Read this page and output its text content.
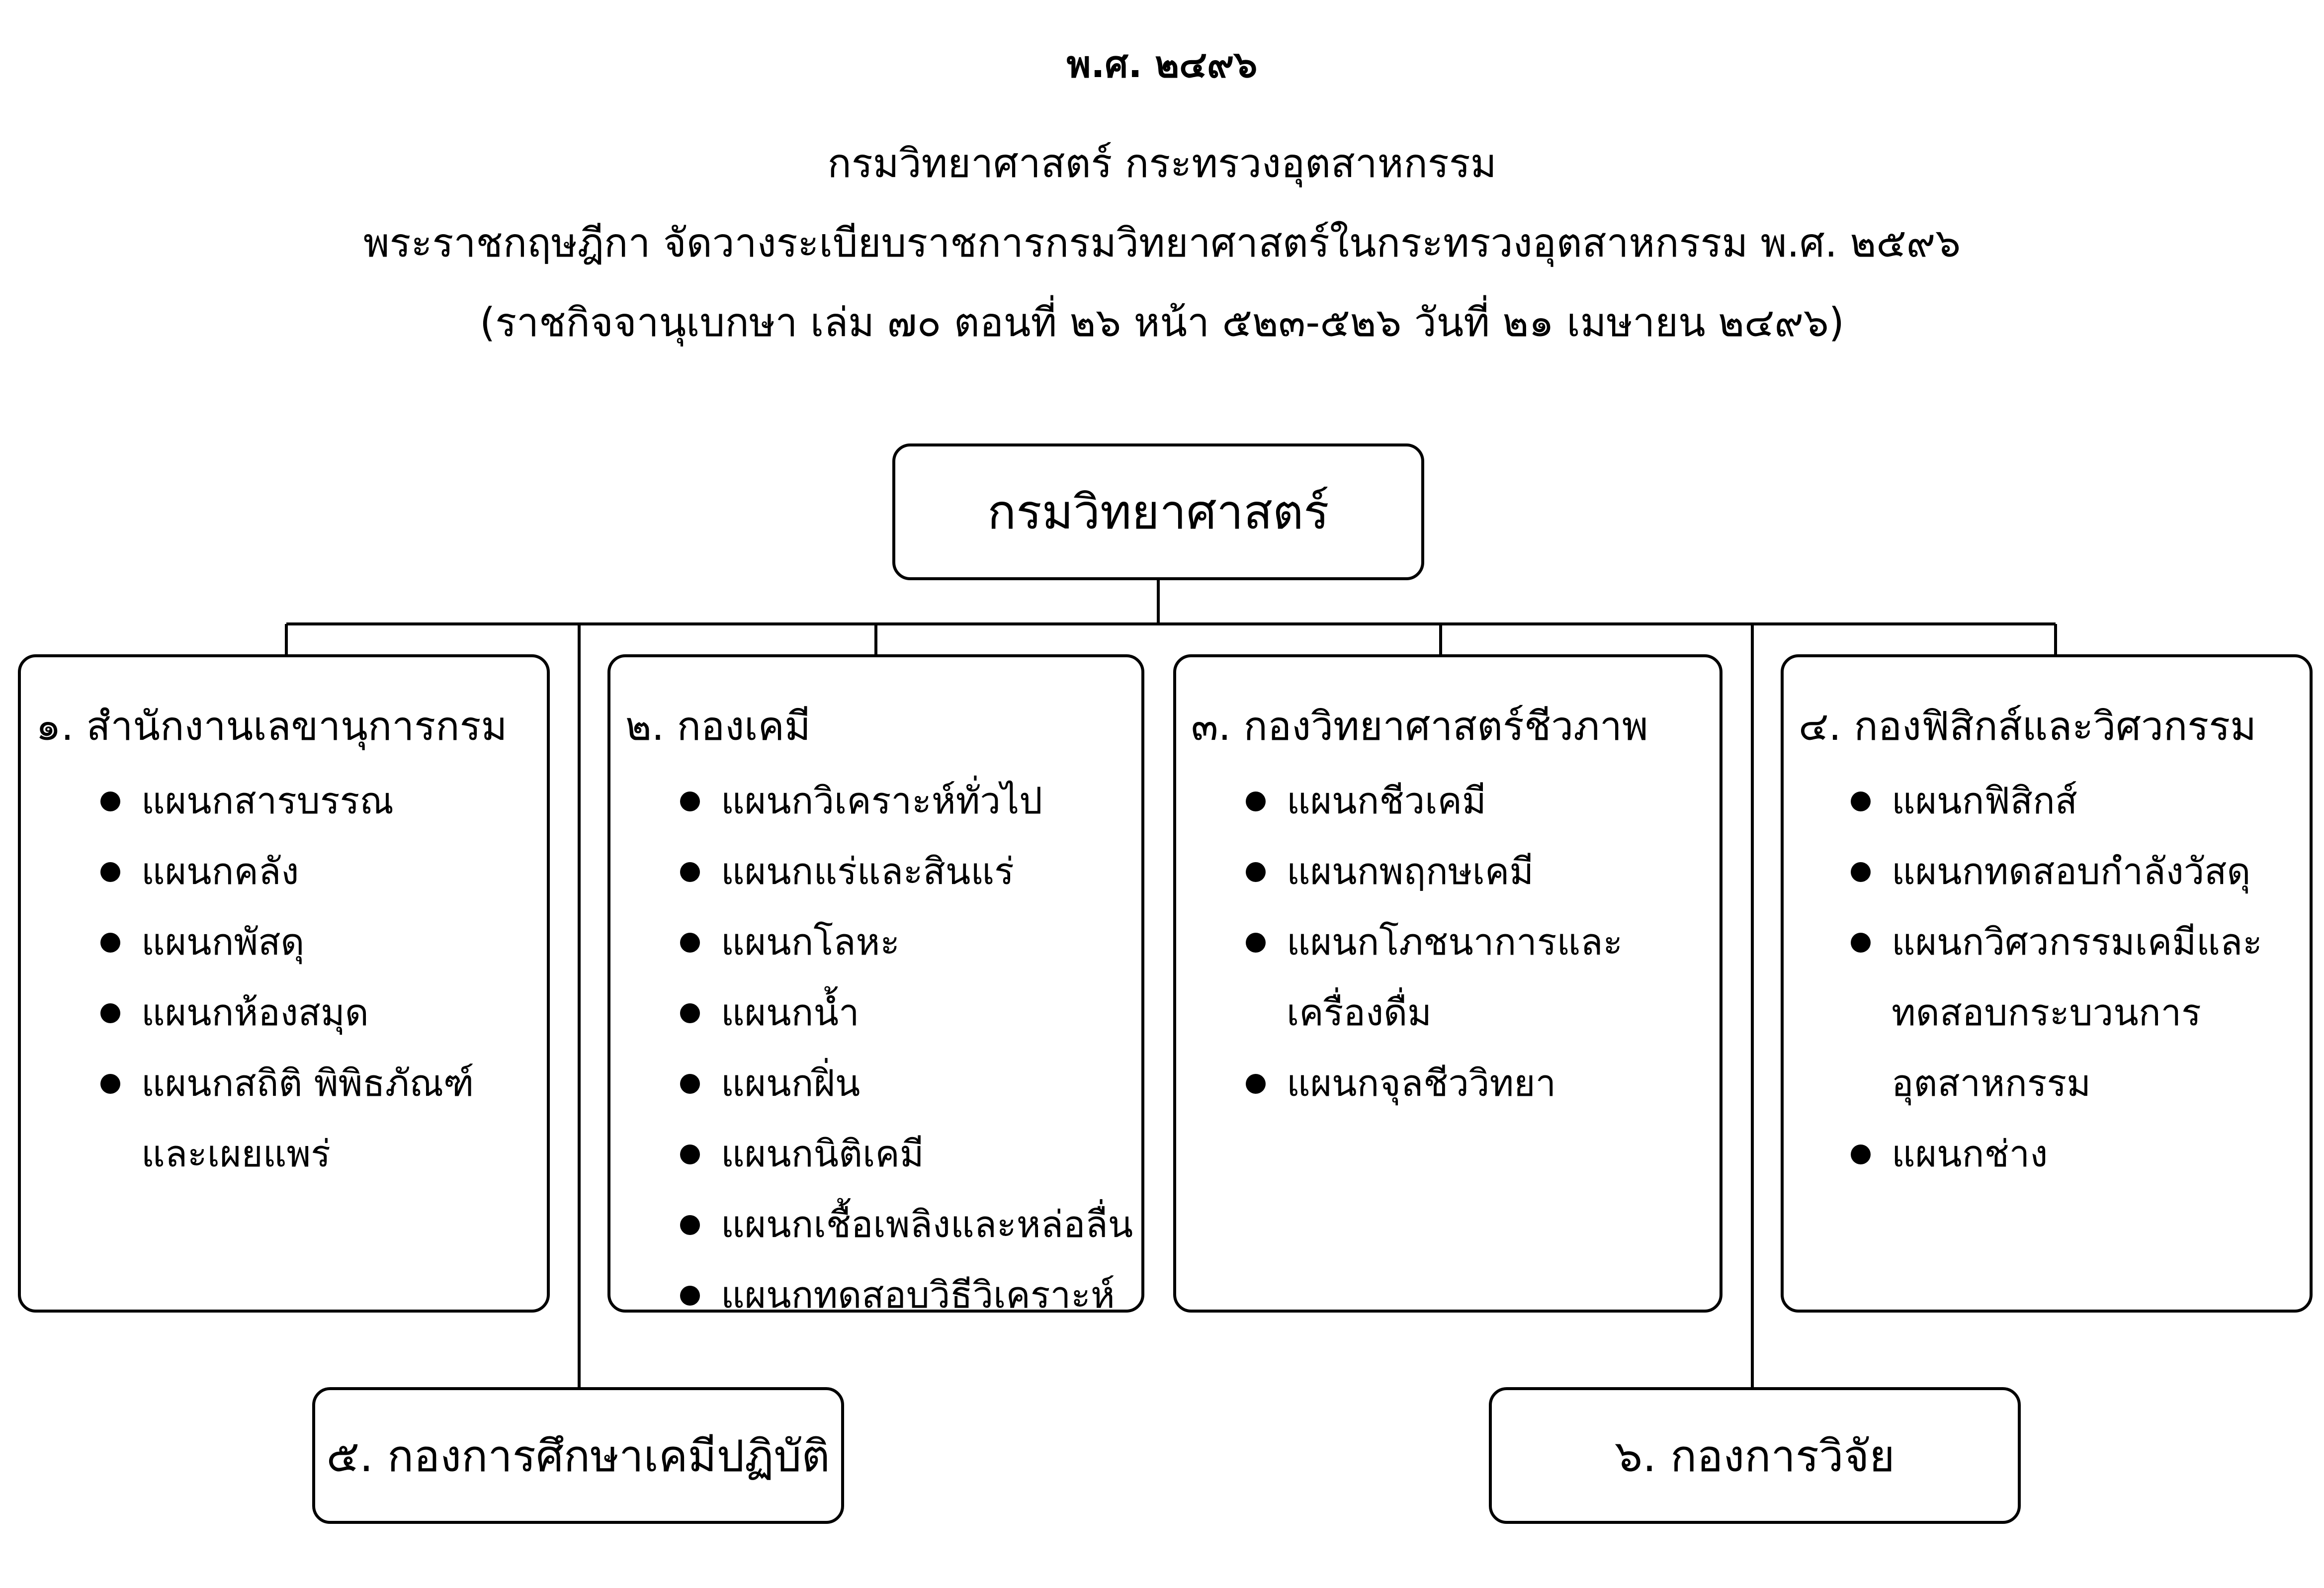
พ.ศ. ๒๔๙๖
กรมวิทยาศาสตร์ กระทรวงอุตสาหกรรม
พระราชกฤษฎีกา จัดวางระเบียบราชการกรมวิทยาศาสตร์ในกระทรวงอุตสาหกรรม พ.ศ. ๒๕๙๖
(ราชกิจจานุเบกษา เล่ม ๗๐ ตอนที่ ๒๖ หน้า ๕๒๓-๕๒๖ วันที่ ๒๑ เมษายน ๒๔๙๖)
กรมวิทยาศาสตร์
๑. สำนักงานเลขานุการกรม
แผนกสารบรรณ
แผนกคลัง
แผนกพัสดุ
แผนกห้องสมุด
แผนกสถิติ พิพิธภัณฑ์
และเผยแพร่
๒. กองเคมี
แผนกวิเคราะห์ทั่วไป
แผนกแร่และสินแร่
แผนกโลหะ
แผนกน้ำ
แผนกฝิ่น
แผนกนิติเคมี
แผนกเชื้อเพลิงและหล่อลื่น
แผนกทดสอบวิธีวิเคราะห์
๓. กองวิทยาศาสตร์ชีวภาพ
แผนกชีวเคมี
แผนกพฤกษเคมี
แผนกโภชนาการและ
เครื่องดื่ม
แผนกจุลชีววิทยา
๔. กองฟิสิกส์และวิศวกรรม
แผนกฟิสิกส์
แผนกทดสอบกำลังวัสดุ
แผนกวิศวกรรมเคมีและ
ทดสอบกระบวนการ
อุตสาหกรรม
แผนกช่าง
๕. กองการศึกษาเคมีปฏิบัติ	๖. กองการวิจัย
